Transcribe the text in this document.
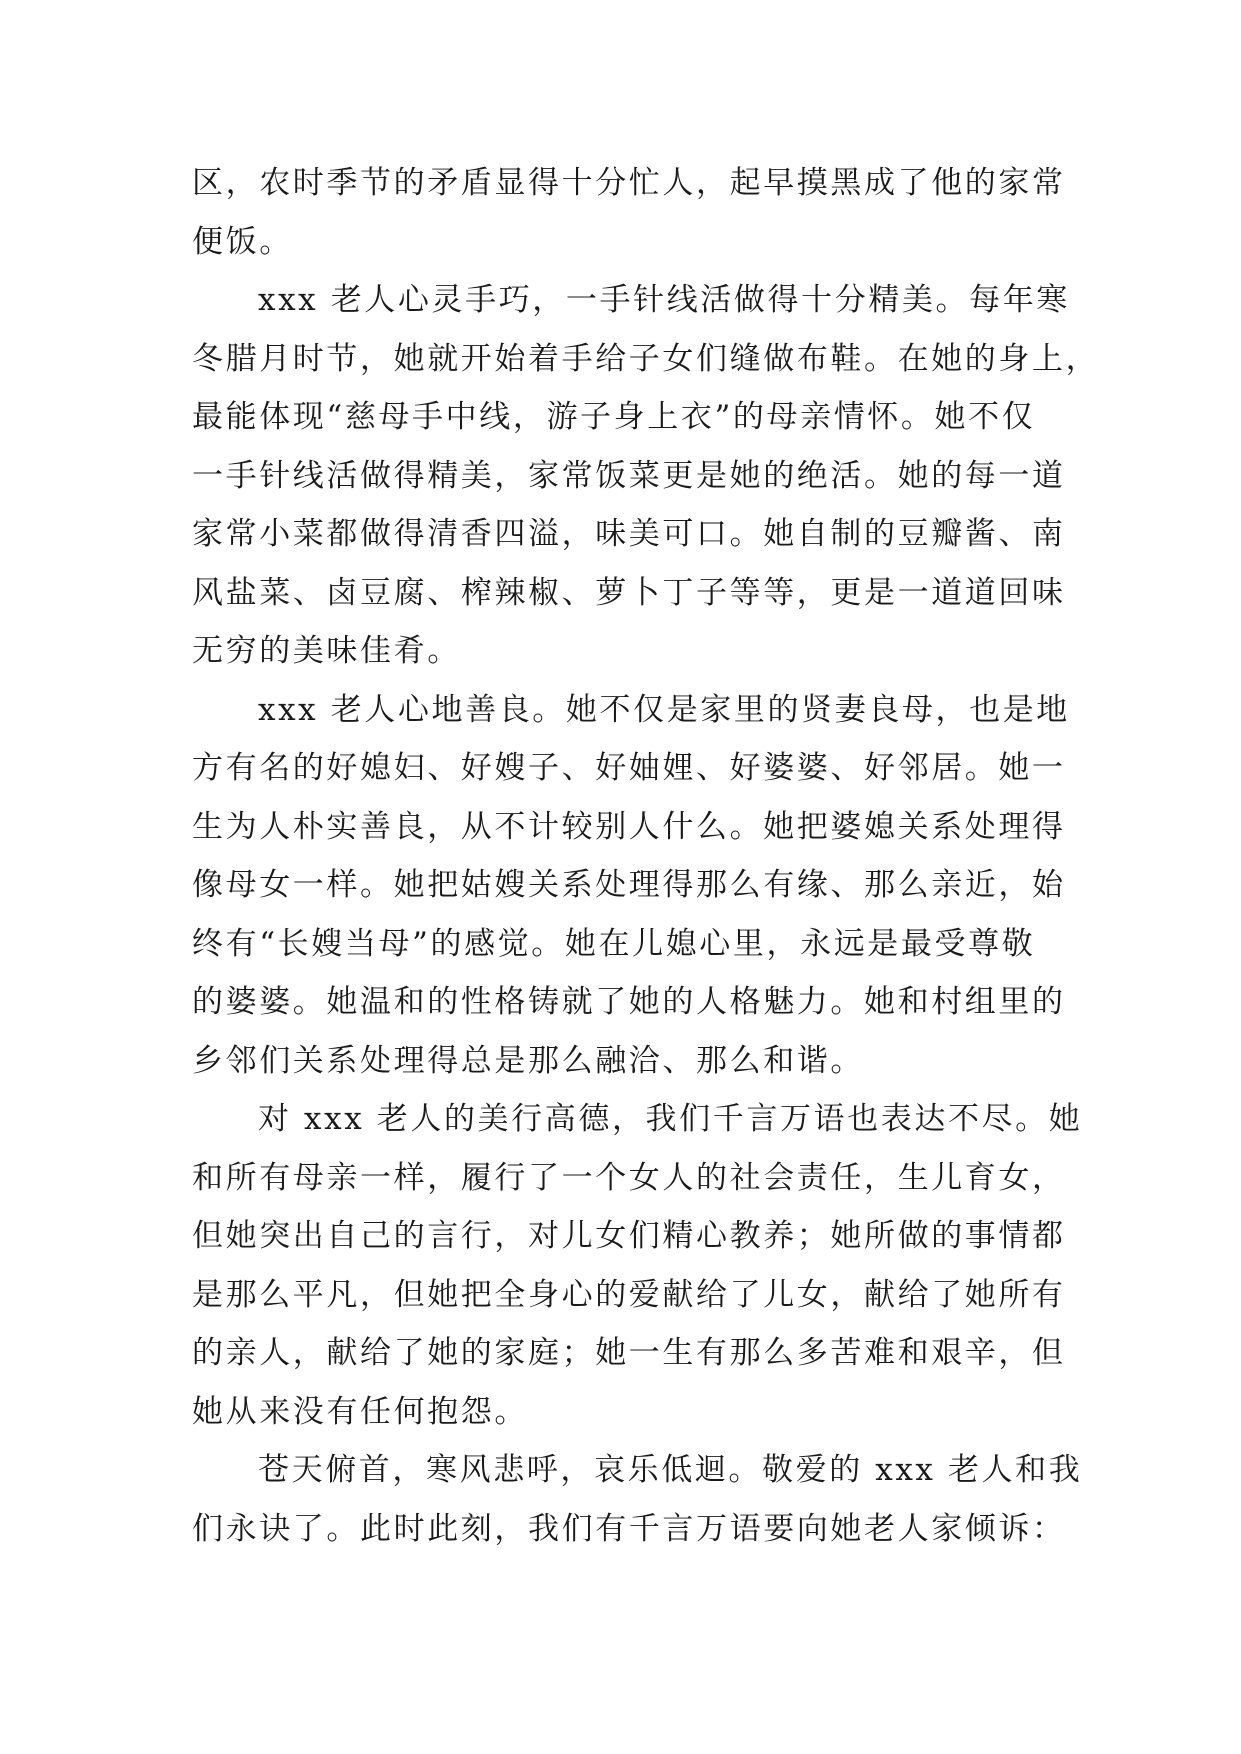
区，农时季节的矛盾显得十分忙人，起早摸黑成了他的家常
便饭。

xxx 老人心灵手巧，一手针线活做得十分精美。每年寒
冬腊月时节，她就开始着手给子女们缝做布鞋。在她的身上，
最能体现“慈母手中线，游子身上衣”的母亲情怀。她不仅
一手针线活做得精美，家常饭菜更是她的绝活。她的每一道
家常小菜都做得清香四溢，味美可口。她自制的豆瓣酱、南
风盐菜、卤豆腐、榨辣椒、萝卜丁子等等，更是一道道回味
无穷的美味佳肴。

xxx 老人心地善良。她不仅是家里的贤妻良母，也是地
方有名的好媳妇、好嫂子、好妯娌、好婆婆、好邻居。她一
生为人朴实善良，从不计较别人什么。她把婆媳关系处理得
像母女一样。她把姑嫂关系处理得那么有缘、那么亲近，始
终有“长嫂当母”的感觉。她在儿媳心里，永远是最受尊敬
的婆婆。她温和的性格铸就了她的人格魅力。她和村组里的
乡邻们关系处理得总是那么融洽、那么和谐。

对 xxx 老人的美行高德，我们千言万语也表达不尽。她
和所有母亲一样，履行了一个女人的社会责任，生儿育女，
但她突出自己的言行，对儿女们精心教养；她所做的事情都
是那么平凡，但她把全身心的爱献给了儿女，献给了她所有
的亲人，献给了她的家庭；她一生有那么多苦难和艰辛，但
她从来没有任何抱怨。

苍天俯首，寒风悲呼，哀乐低迴。敬爱的 xxx 老人和我
们永诀了。此时此刻，我们有千言万语要向她老人家倾诉：
